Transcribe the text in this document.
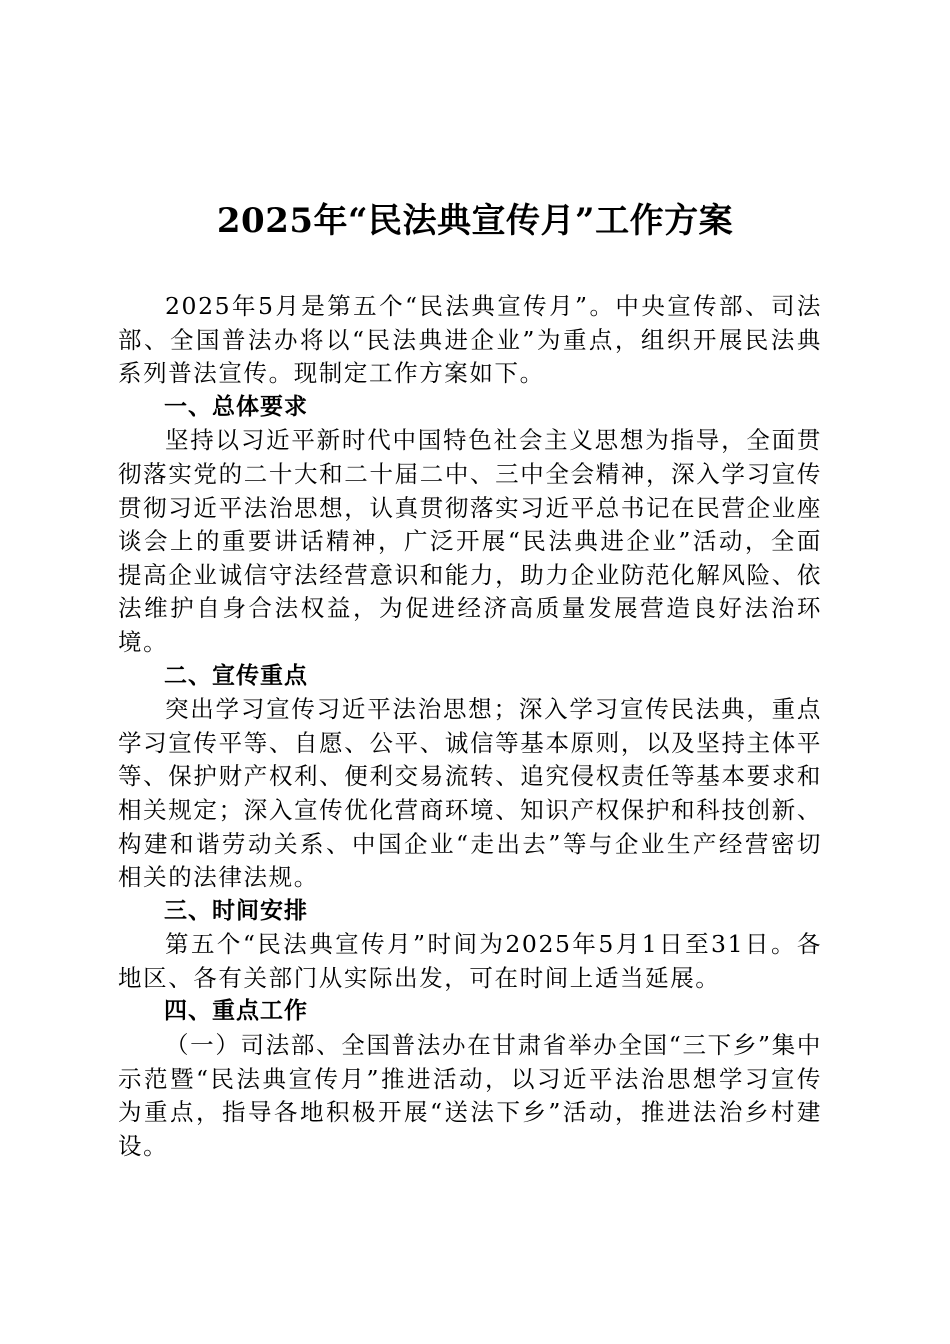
2025年“民法典宣传月”工作方案

2025年5月是第五个“民法典宣传月”。中央宣传部、司法部、全国普法办将以“民法典进企业”为重点，组织开展民法典系列普法宣传。现制定工作方案如下。

一、总体要求

坚持以习近平新时代中国特色社会主义思想为指导，全面贯彻落实党的二十大和二十届二中、三中全会精神，深入学习宣传贯彻习近平法治思想，认真贯彻落实习近平总书记在民营企业座谈会上的重要讲话精神，广泛开展“民法典进企业”活动，全面提高企业诚信守法经营意识和能力，助力企业防范化解风险、依法维护自身合法权益，为促进经济高质量发展营造良好法治环境。

二、宣传重点

突出学习宣传习近平法治思想；深入学习宣传民法典，重点学习宣传平等、自愿、公平、诚信等基本原则，以及坚持主体平等、保护财产权利、便利交易流转、追究侵权责任等基本要求和相关规定；深入宣传优化营商环境、知识产权保护和科技创新、构建和谐劳动关系、中国企业“走出去”等与企业生产经营密切相关的法律法规。

三、时间安排

第五个“民法典宣传月”时间为2025年5月1日至31日。各地区、各有关部门从实际出发，可在时间上适当延展。

四、重点工作

（一）司法部、全国普法办在甘肃省举办全国“三下乡”集中示范暨“民法典宣传月”推进活动，以习近平法治思想学习宣传为重点，指导各地积极开展“送法下乡”活动，推进法治乡村建设。
